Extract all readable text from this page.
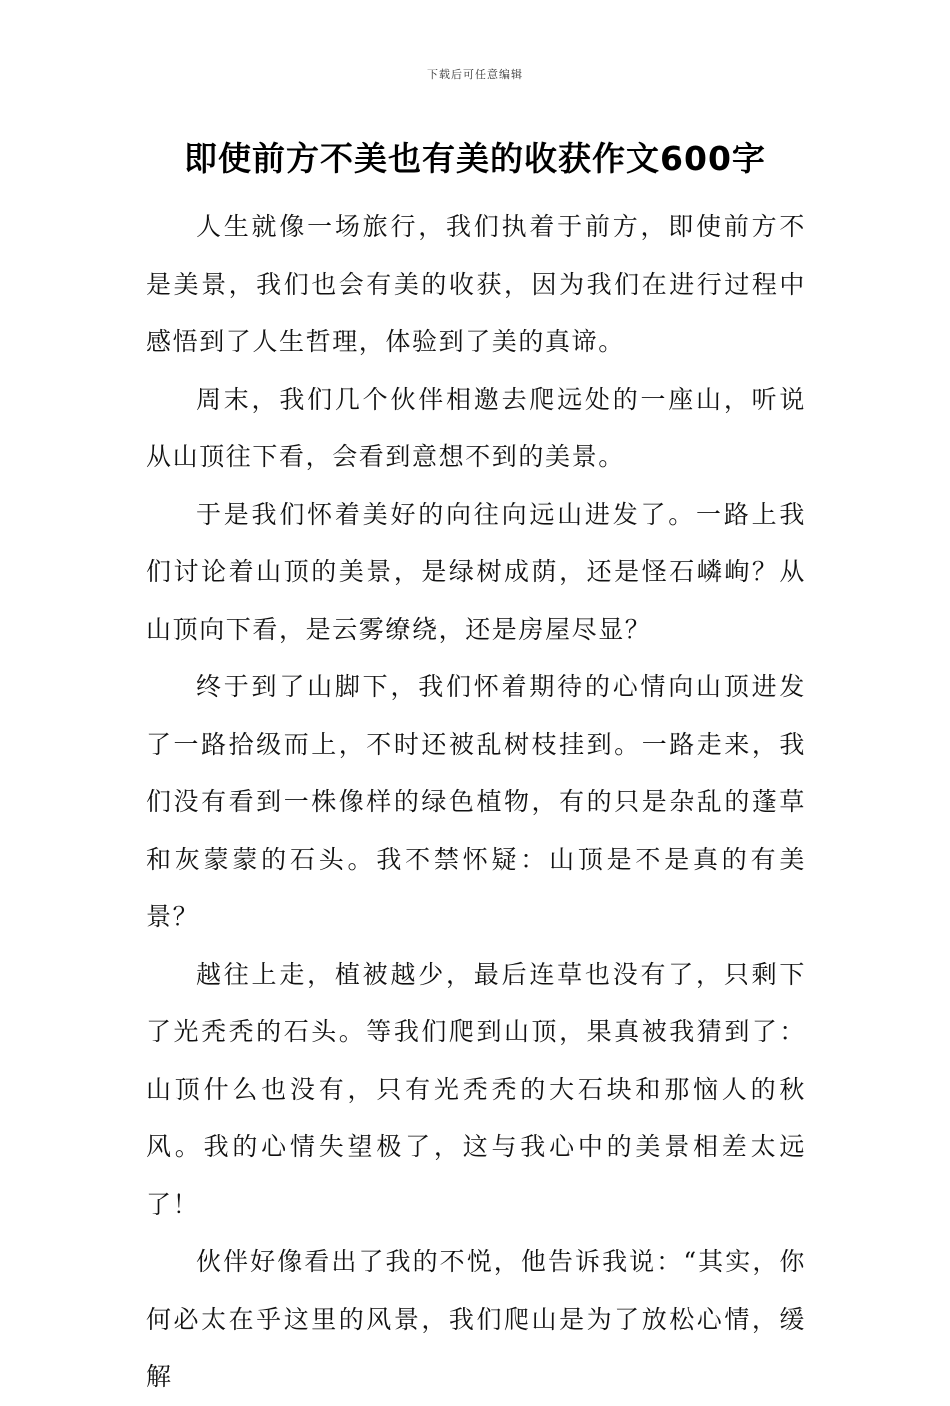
下载后可任意编辑
即使前方不美也有美的收获作文600字

人生就像一场旅行，我们执着于前方，即使前方不是美景，我们也会有美的收获，因为我们在进行过程中感悟到了人生哲理，体验到了美的真谛。

周末，我们几个伙伴相邀去爬远处的一座山，听说从山顶往下看，会看到意想不到的美景。

于是我们怀着美好的向往向远山进发了。一路上我们讨论着山顶的美景，是绿树成荫，还是怪石嶙峋？从山顶向下看，是云雾缭绕，还是房屋尽显？

终于到了山脚下，我们怀着期待的心情向山顶进发了一路拾级而上，不时还被乱树枝挂到。一路走来，我们没有看到一株像样的绿色植物，有的只是杂乱的蓬草和灰蒙蒙的石头。我不禁怀疑：山顶是不是真的有美景？

越往上走，植被越少，最后连草也没有了，只剩下了光秃秃的石头。等我们爬到山顶，果真被我猜到了：山顶什么也没有，只有光秃秃的大石块和那恼人的秋风。我的心情失望极了，这与我心中的美景相差太远了！

伙伴好像看出了我的不悦，他告诉我说：“其实，你何必太在乎这里的风景，我们爬山是为了放松心情，缓解
